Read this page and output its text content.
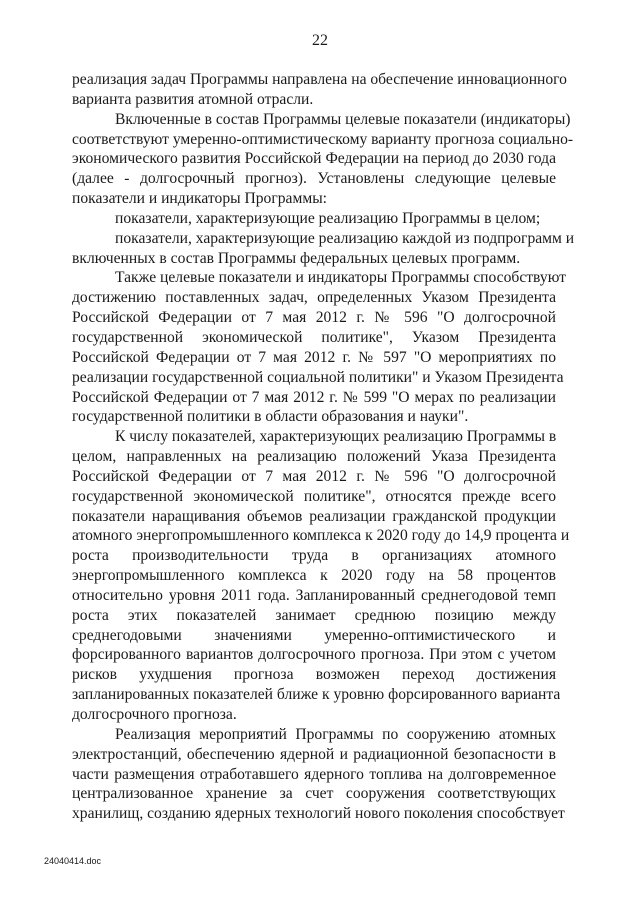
22
реализация задач Программы направлена на обеспечение инновационного
варианта развития атомной отрасли.
Включенные в состав Программы целевые показатели (индикаторы)
соответствуют умеренно-оптимистическому варианту прогноза социально-
экономического развития Российской Федерации на период до 2030 года
(далее - долгосрочный прогноз). Установлены следующие целевые
показатели и индикаторы Программы:
показатели, характеризующие реализацию Программы в целом;
показатели, характеризующие реализацию каждой из подпрограмм и
включенных в состав Программы федеральных целевых программ.
Также целевые показатели и индикаторы Программы способствуют
достижению поставленных задач, определенных Указом Президента
Российской Федерации от 7 мая 2012 г. № 596 "О долгосрочной
государственной экономической политике", Указом Президента
Российской Федерации от 7 мая 2012 г. № 597 "О мероприятиях по
реализации государственной социальной политики" и Указом Президента
Российской Федерации от 7 мая 2012 г. № 599 "О мерах по реализации
государственной политики в области образования и науки".
К числу показателей, характеризующих реализацию Программы в
целом, направленных на реализацию положений Указа Президента
Российской Федерации от 7 мая 2012 г. № 596 "О долгосрочной
государственной экономической политике", относятся прежде всего
показатели наращивания объемов реализации гражданской продукции
атомного энергопромышленного комплекса к 2020 году до 14,9 процента и
роста производительности труда в организациях атомного
энергопромышленного комплекса к 2020 году на 58 процентов
относительно уровня 2011 года. Запланированный среднегодовой темп
роста этих показателей занимает среднюю позицию между
среднегодовыми значениями умеренно-оптимистического и
форсированного вариантов долгосрочного прогноза. При этом с учетом
рисков ухудшения прогноза возможен переход достижения
запланированных показателей ближе к уровню форсированного варианта
долгосрочного прогноза.
Реализация мероприятий Программы по сооружению атомных
электростанций, обеспечению ядерной и радиационной безопасности в
части размещения отработавшего ядерного топлива на долговременное
централизованное хранение за счет сооружения соответствующих
хранилищ, созданию ядерных технологий нового поколения способствует
24040414.doc
